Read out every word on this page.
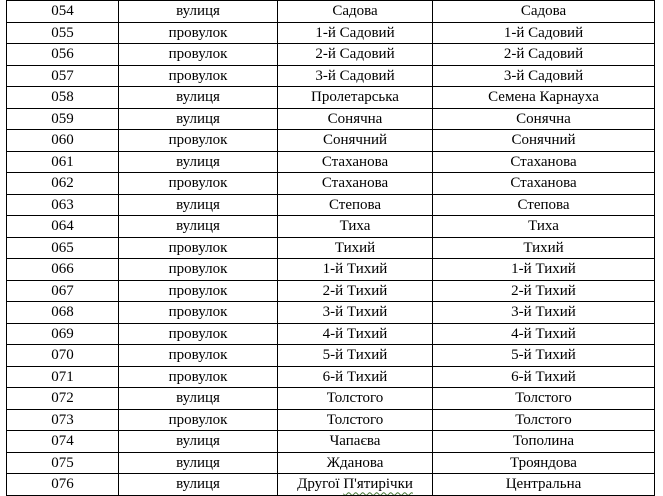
054	вулиця	Садова	Садова
055	провулок	1-й Садовий	1-й Садовий
056	провулок	2-й Садовий	2-й Садовий
057	провулок	3-й Садовий	3-й Садовий
058	вулиця	Пролетарська	Семена Карнауха
059	вулиця	Сонячна	Сонячна
060	провулок	Сонячний	Сонячний
061	вулиця	Стаханова	Стаханова
062	провулок	Стаханова	Стаханова
063	вулиця	Степова	Степова
064	вулиця	Тиха	Тиха
065	провулок	Тихий	Тихий
066	провулок	1-й Тихий	1-й Тихий
067	провулок	2-й Тихий	2-й Тихий
068	провулок	3-й Тихий	3-й Тихий
069	провулок	4-й Тихий	4-й Тихий
070	провулок	5-й Тихий	5-й Тихий
071	провулок	6-й Тихий	6-й Тихий
072	вулиця	Толстого	Толстого
073	провулок	Толстого	Толстого
074	вулиця	Чапаєва	Тополина
075	вулиця	Жданова	Трояндова
076	вулиця	Другої П'ятирічки	Центральна
